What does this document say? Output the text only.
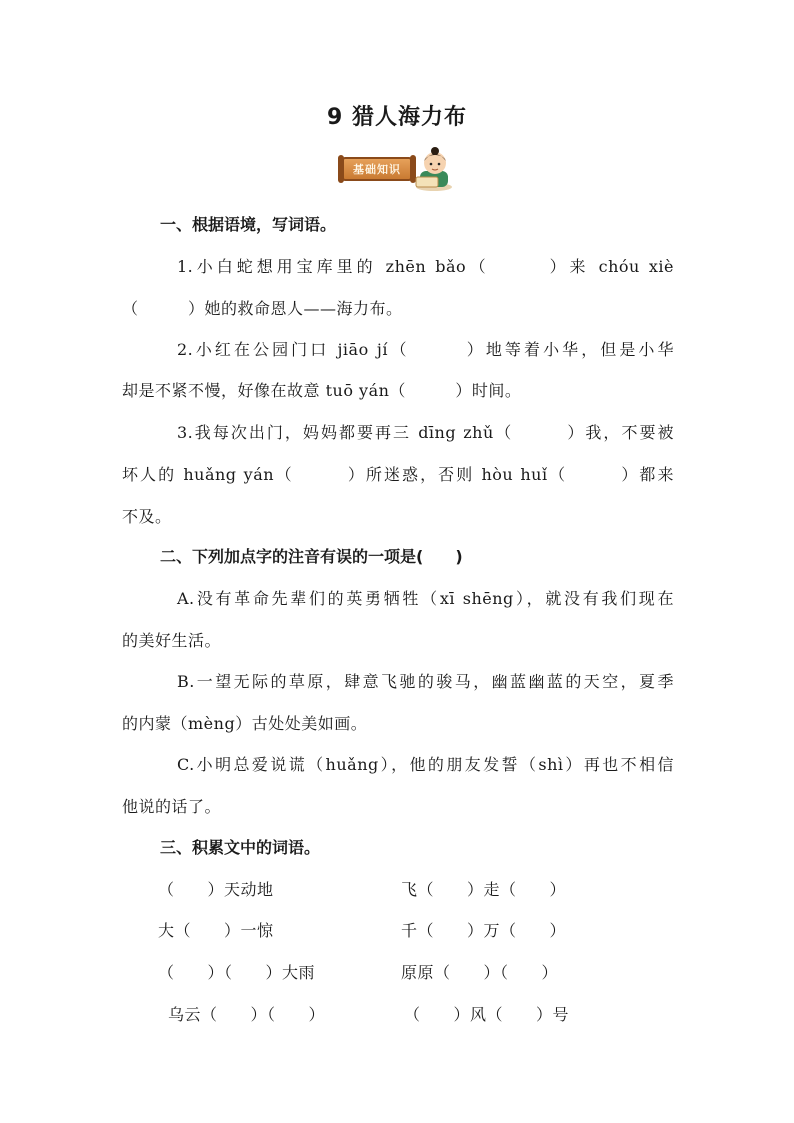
9 猎人海力布
基础知识
一、根据语境，写词语。
1.小白蛇想用宝库里的 zhēn bǎo（　　　）来 chóu xiè
（　　　）她的救命恩人——海力布。
2.小红在公园门口 jiāo jí（　　　）地等着小华，但是小华
却是不紧不慢，好像在故意 tuō yán（　　　）时间。
3.我每次出门，妈妈都要再三 dīng zhǔ（　　　）我，不要被
坏人的 huǎng yán（　　　）所迷惑，否则 hòu huǐ（　　　）都来
不及。
二、下列加点字的注音有误的一项是(　　)
A.没有革命先辈们的英勇牺牲（xī shēng），就没有我们现在
的美好生活。
B.一望无际的草原，肆意飞驰的骏马，幽蓝幽蓝的天空，夏季
的内蒙（mèng）古处处美如画。
C.小明总爱说谎（huǎng），他的朋友发誓（shì）再也不相信
他说的话了。
三、积累文中的词语。
（　　）天动地	飞（　　）走（　　）
大（　　）一惊	千（　　）万（　　）
（　　）（　　）大雨	原原（　　）（　　）
乌云（　　）（　　）	（　　）风（　　）号
